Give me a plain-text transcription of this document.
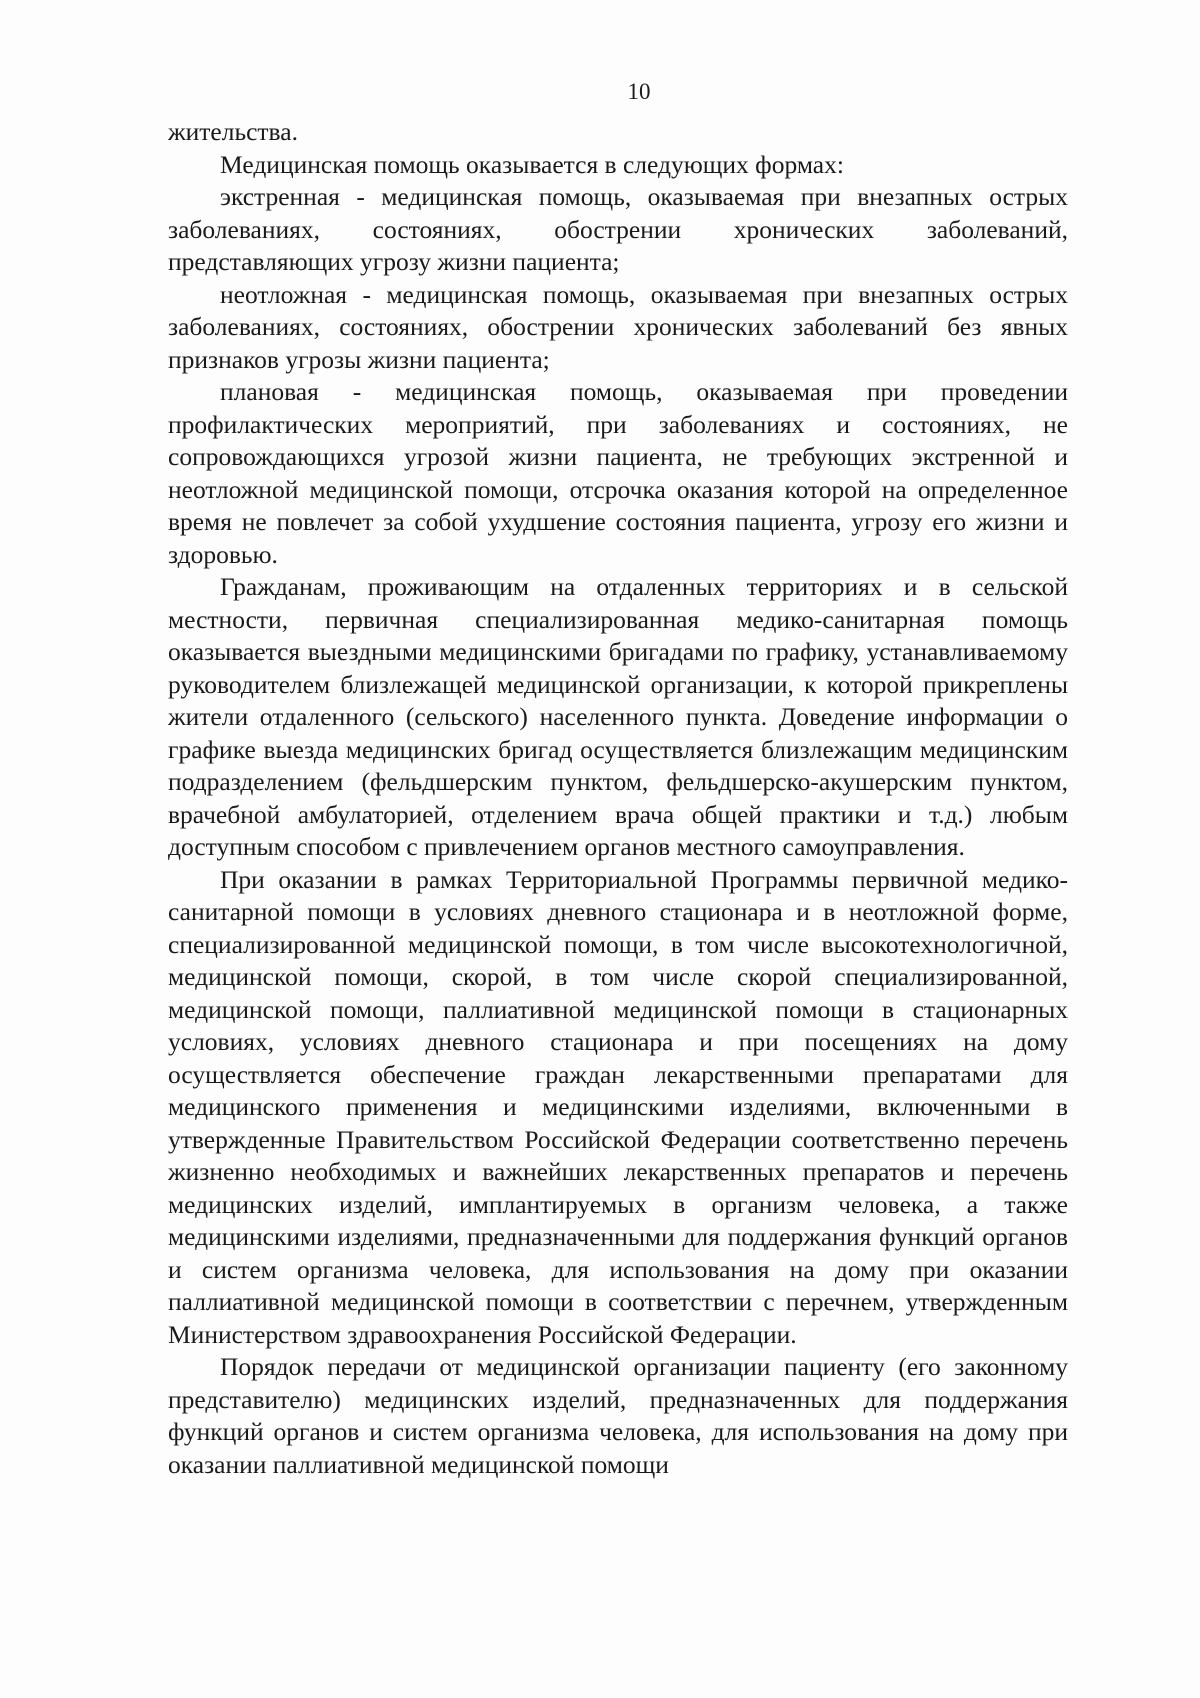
10

жительства.

Медицинская помощь оказывается в следующих формах:

экстренная - медицинская помощь, оказываемая при внезапных острых заболеваниях, состояниях, обострении хронических заболеваний, представляющих угрозу жизни пациента;

неотложная - медицинская помощь, оказываемая при внезапных острых заболеваниях, состояниях, обострении хронических заболеваний без явных признаков угрозы жизни пациента;

плановая - медицинская помощь, оказываемая при проведении профилактических мероприятий, при заболеваниях и состояниях, не сопровождающихся угрозой жизни пациента, не требующих экстренной и неотложной медицинской помощи, отсрочка оказания которой на определенное время не повлечет за собой ухудшение состояния пациента, угрозу его жизни и здоровью.

Гражданам, проживающим на отдаленных территориях и в сельской местности, первичная специализированная медико-санитарная помощь оказывается выездными медицинскими бригадами по графику, устанавливаемому руководителем близлежащей медицинской организации, к которой прикреплены жители отдаленного (сельского) населенного пункта. Доведение информации о графике выезда медицинских бригад осуществляется близлежащим медицинским подразделением (фельдшерским пунктом, фельдшерско-акушерским пунктом, врачебной амбулаторией, отделением врача общей практики и т.д.) любым доступным способом с привлечением органов местного самоуправления.

При оказании в рамках Территориальной Программы первичной медико-санитарной помощи в условиях дневного стационара и в неотложной форме, специализированной медицинской помощи, в том числе высокотехнологичной, медицинской помощи, скорой, в том числе скорой специализированной, медицинской помощи, паллиативной медицинской помощи в стационарных условиях, условиях дневного стационара и при посещениях на дому осуществляется обеспечение граждан лекарственными препаратами для медицинского применения и медицинскими изделиями, включенными в утвержденные Правительством Российской Федерации соответственно перечень жизненно необходимых и важнейших лекарственных препаратов и перечень медицинских изделий, имплантируемых в организм человека, а также медицинскими изделиями, предназначенными для поддержания функций органов и систем организма человека, для использования на дому при оказании паллиативной медицинской помощи в соответствии с перечнем, утвержденным Министерством здравоохранения Российской Федерации.

Порядок передачи от медицинской организации пациенту (его законному представителю) медицинских изделий, предназначенных для поддержания функций органов и систем организма человека, для использования на дому при оказании паллиативной медицинской помощи
